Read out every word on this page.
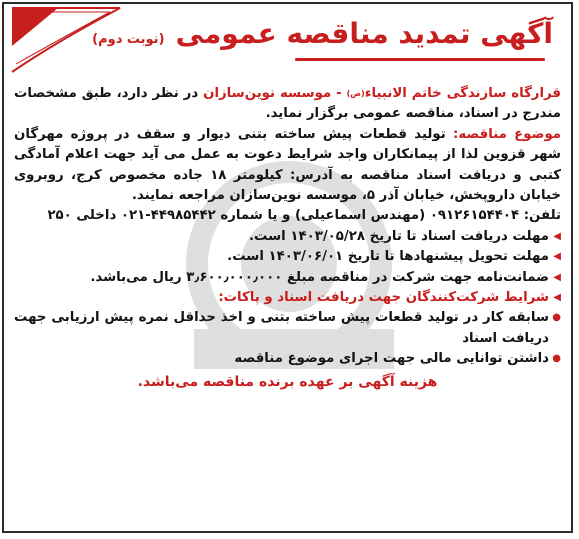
آگهی تمدید مناقصه عمومی (نوبت دوم)

قرارگاه سازندگی خاتم الانبیاء$^{(ص)}$ - موسسه نوین‌سازان در نظر دارد، طبق مشخصات مندرج در اسناد، مناقصه عمومی برگزار نماید.

موضوع مناقصه: تولید قطعات پیش ساخته بتنی دیوار و سقف در پروژه مهرگان شهر قزوین لذا از پیمانکاران واجد شرایط دعوت به عمل می آید جهت اعلام آمادگی کتبی و دریافت اسناد مناقصه به آدرس: کیلومتر ۱۸ جاده مخصوص کرج، روبروی خیابان داروپخش، خیابان آذر ۵، موسسه نوین‌سازان مراجعه نمایند.

تلفن: ۰۹۱۲۶۱۵۴۴۰۴ (مهندس اسماعیلی) و یا شماره ۴۴۹۸۵۴۴۲-۰۲۱ داخلی ۲۵۰

◀
مهلت دریافت اسناد تا تاریخ ۱۴۰۳/۰۵/۲۸ است.
◀
مهلت تحویل پیشنهادها تا تاریخ ۱۴۰۳/۰۶/۰۱ است.
◀
ضمانت‌نامه جهت شرکت در مناقصه مبلغ ۳٫۶۰۰٫۰۰۰٫۰۰۰ ریال می‌باشد.

◀
شرایط شرکت‌کنندگان جهت دریافت اسناد و پاکات:

●
سابقه کار در تولید قطعات پیش ساخته بتنی و اخذ حداقل نمره پیش ارزیابی جهت دریافت اسناد
●
داشتن توانایی مالی جهت اجرای موضوع مناقصه

هزینه آگهی بر عهده برنده مناقصه می‌باشد.
